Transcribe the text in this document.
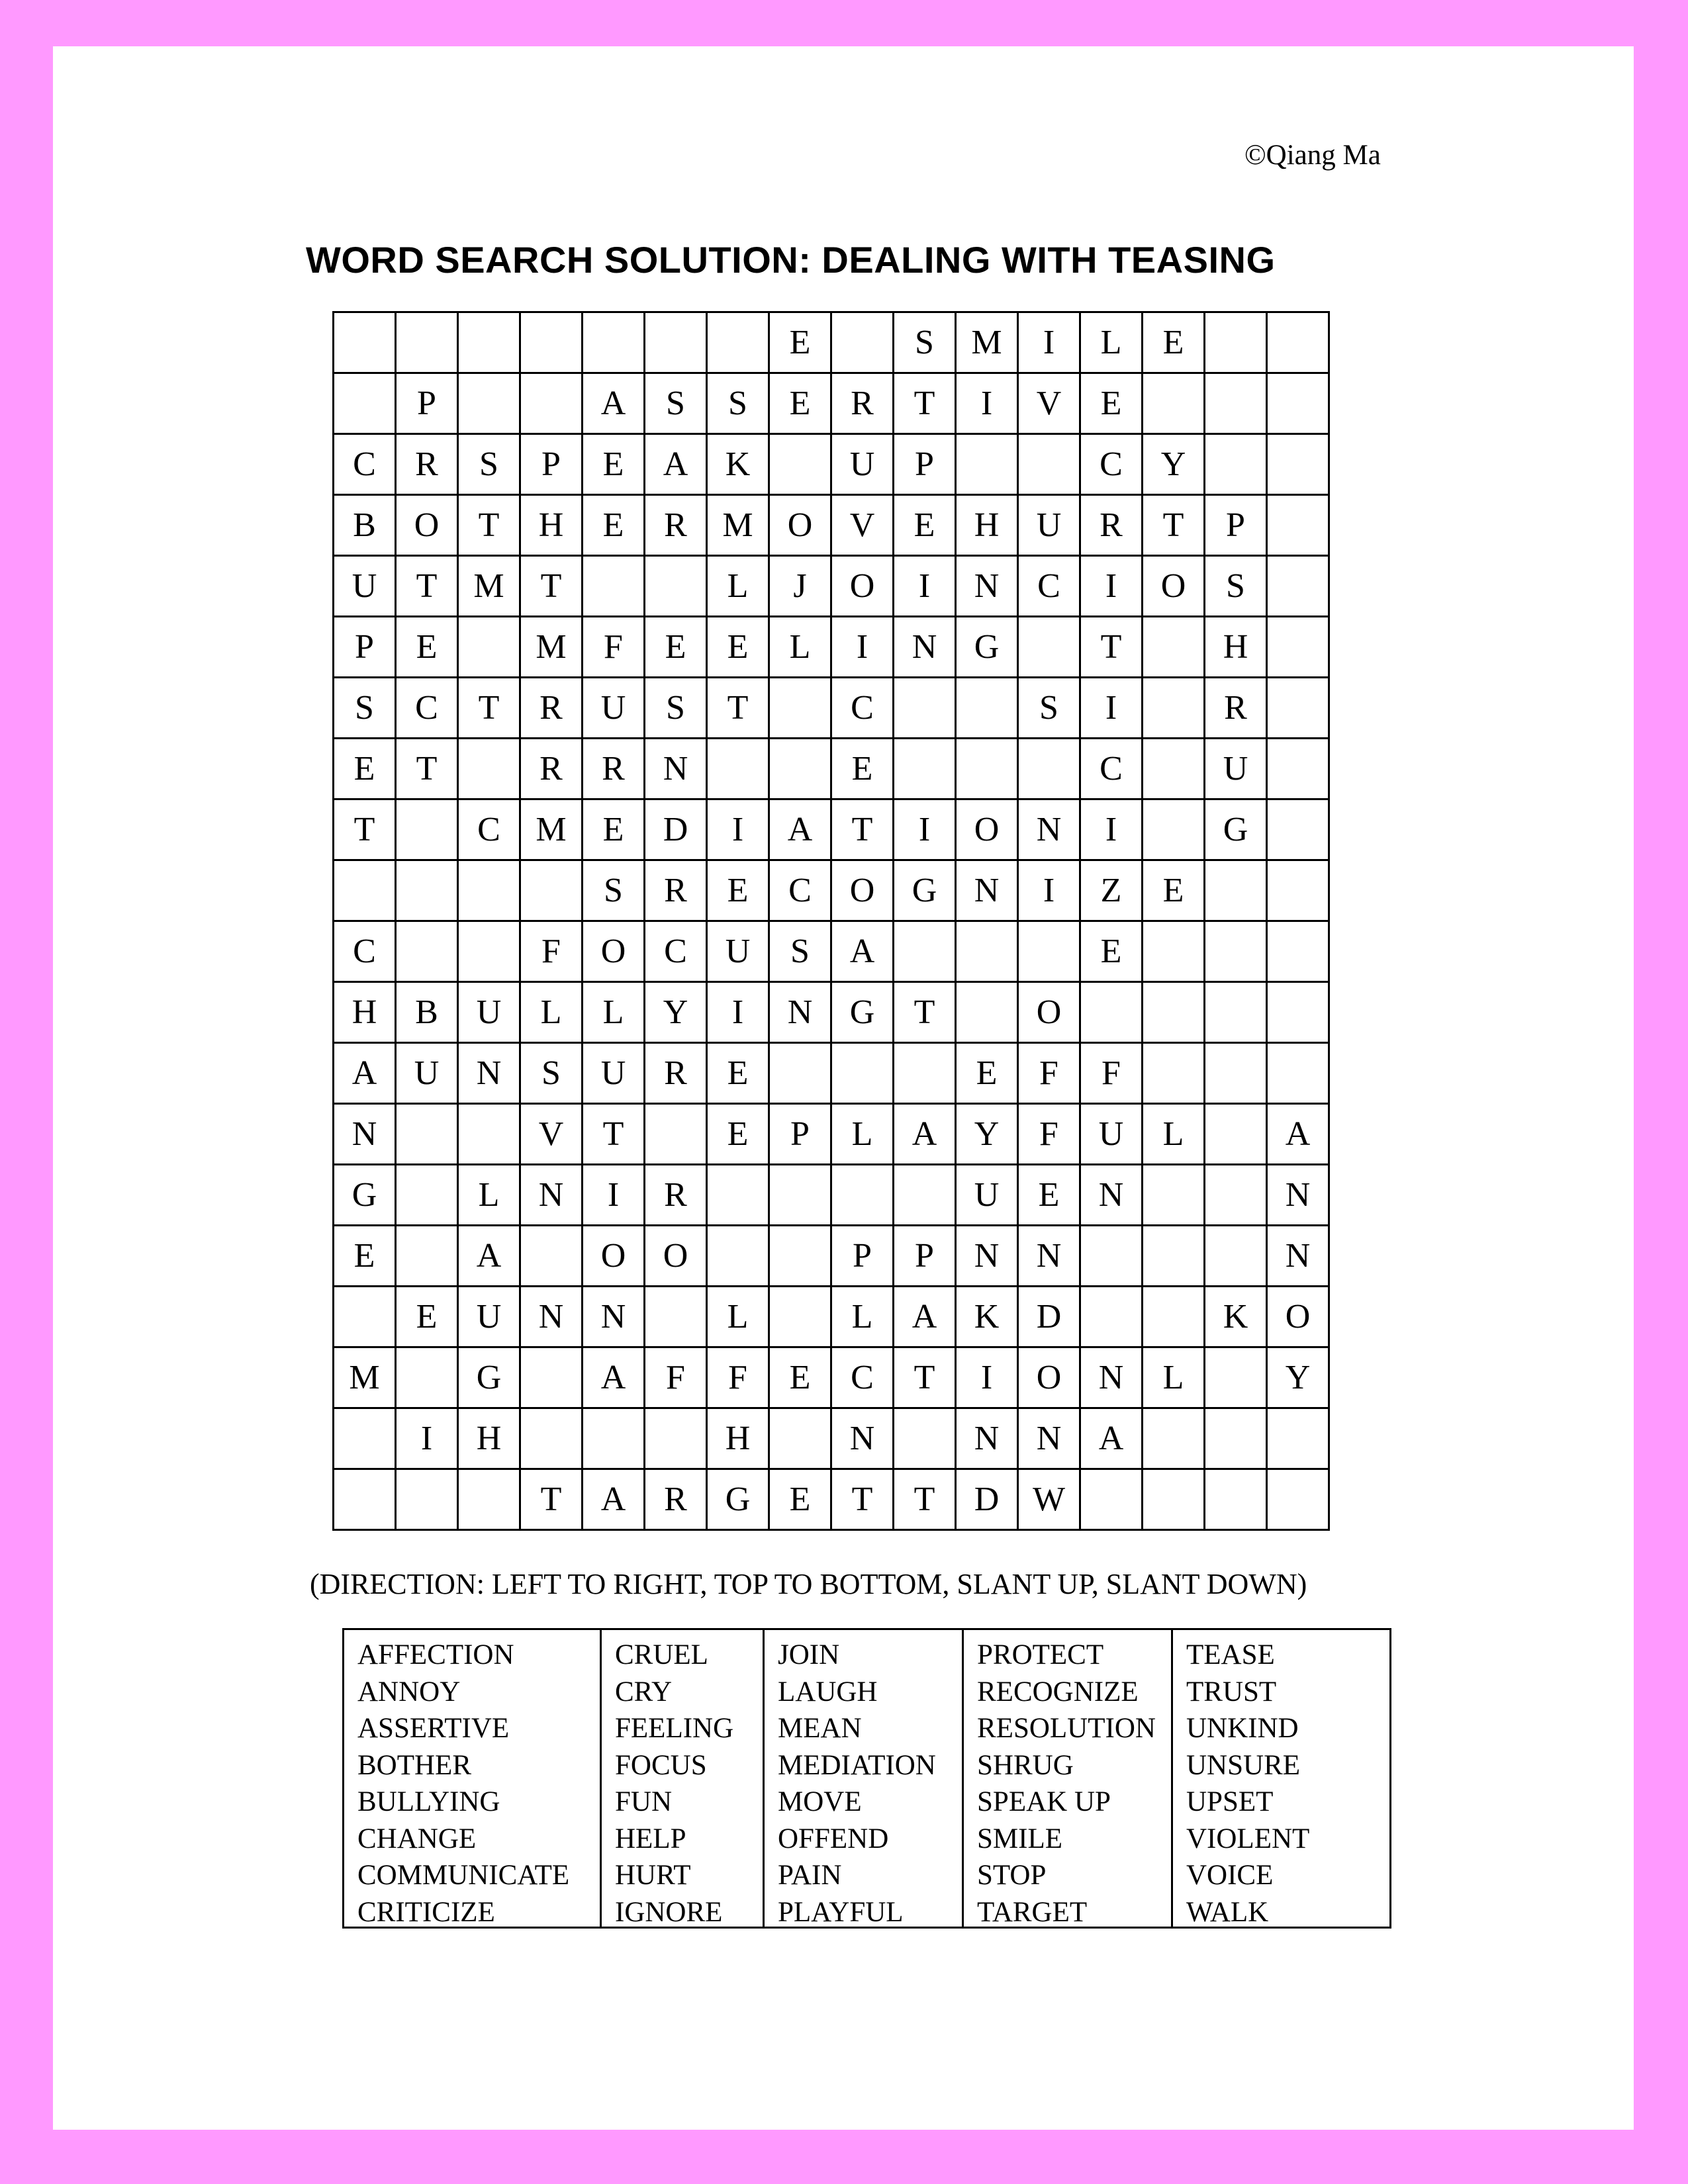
©Qiang Ma
WORD SEARCH SOLUTION: DEALING WITH TEASING
							E		S	M	I	L	E		
	P			A	S	S	E	R	T	I	V	E			
C	R	S	P	E	A	K		U	P			C	Y		
B	O	T	H	E	R	M	O	V	E	H	U	R	T	P	
U	T	M	T			L	J	O	I	N	C	I	O	S	
P	E		M	F	E	E	L	I	N	G		T		H	
S	C	T	R	U	S	T		C			S	I		R	
E	T		R	R	N			E				C		U	
T		C	M	E	D	I	A	T	I	O	N	I		G	
				S	R	E	C	O	G	N	I	Z	E		
C			F	O	C	U	S	A				E			
H	B	U	L	L	Y	I	N	G	T		O				
A	U	N	S	U	R	E				E	F	F			
N			V	T		E	P	L	A	Y	F	U	L		A
G		L	N	I	R					U	E	N			N
E		A		O	O			P	P	N	N				N
	E	U	N	N		L		L	A	K	D			K	O
M		G		A	F	F	E	C	T	I	O	N	L		Y
	I	H				H		N		N	N	A			
			T	A	R	G	E	T	T	D	W				
(DIRECTION: LEFT TO RIGHT, TOP TO BOTTOM, SLANT UP, SLANT DOWN)
AFFECTION
ANNOY
ASSERTIVE
BOTHER
BULLYING
CHANGE
COMMUNICATE
CRITICIZE
CRUEL
CRY
FEELING
FOCUS
FUN
HELP
HURT
IGNORE
JOIN
LAUGH
MEAN
MEDIATION
MOVE
OFFEND
PAIN
PLAYFUL
PROTECT
RECOGNIZE
RESOLUTION
SHRUG
SPEAK UP
SMILE
STOP
TARGET
TEASE
TRUST
UNKIND
UNSURE
UPSET
VIOLENT
VOICE
WALK
